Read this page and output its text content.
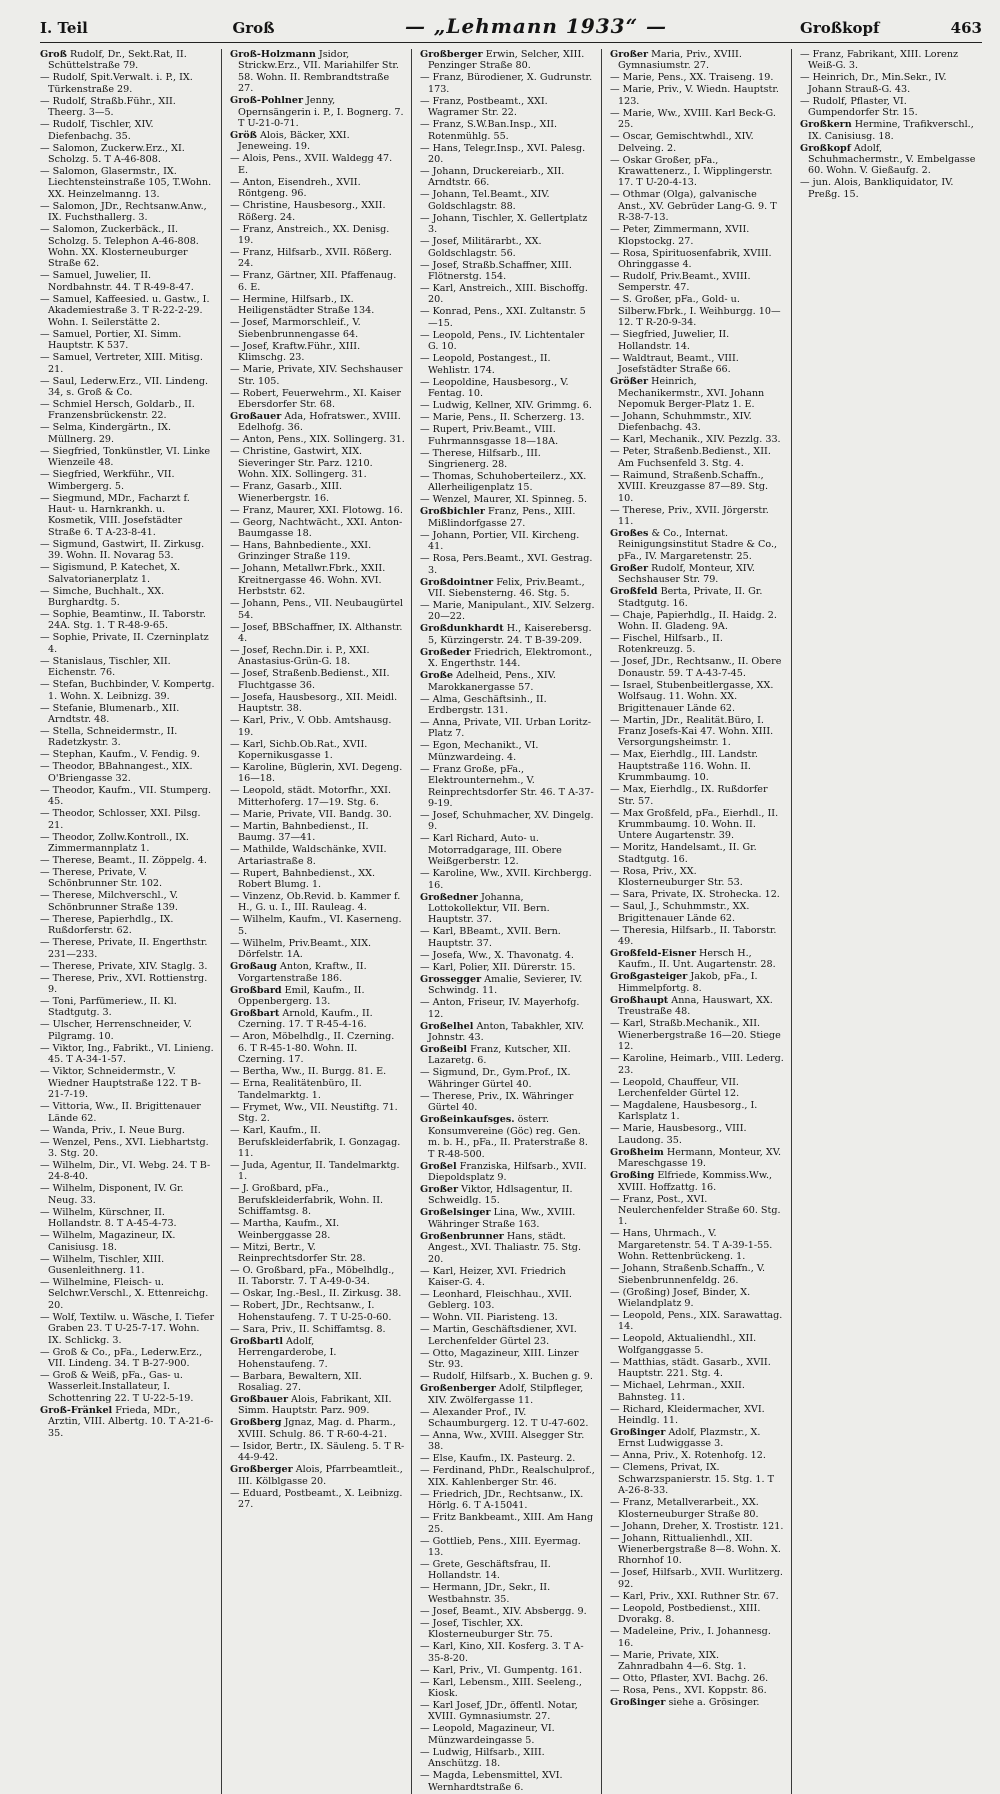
I. Teil	Groß	— „Lehmann 1933“ —	Großkopf	463
Groß Rudolf, Dr., Sekt.Rat, II. Schüttelstraße 79.
— Rudolf, Spit.Verwalt. i. P., IX. Türkenstraße 29.
— Rudolf, Straßb.Führ., XII. Theerg. 3—5.
— Rudolf, Tischler, XIV. Diefenbachg. 35.
— Salomon, Zuckerw.Erz., XI. Scholzg. 5. T A-46-808.
— Salomon, Glasermstr., IX. Liechtensteinstraße 105, T.Wohn. XX. Heinzelmanng. 13.
— Salomon, JDr., Rechtsanw.Anw., IX. Fuchsthallerg. 3.
— Salomon, Zuckerbäck., II. Scholzg. 5. Telephon A-46-808. Wohn. XX. Klosterneuburger Straße 62.
— Samuel, Juwelier, II. Nordbahnstr. 44. T R-49-8-47.
— Samuel, Kaffeesied. u. Gastw., I. Akademiestraße 3. T R-22-2-29. Wohn. I. Seilerstätte 2.
— Samuel, Portier, XI. Simm. Hauptstr. K 537.
— Samuel, Vertreter, XIII. Mitisg. 21.
— Saul, Lederw.Erz., VII. Lindeng. 34, s. Groß & Co.
— Schmiel Hersch, Goldarb., II. Franzensbrückenstr. 22.
— Selma, Kindergärtn., IX. Müllnerg. 29.
— Siegfried, Tonkünstler, VI. Linke Wienzeile 48.
— Siegfried, Werkführ., VII. Wimbergerg. 5.
— Siegmund, MDr., Facharzt f. Haut- u. Harnkrankh. u. Kosmetik, VIII. Josefstädter Straße 6. T A-23-8-41.
— Sigmund, Gastwirt, II. Zirkusg. 39. Wohn. II. Novarag 53.
— Sigismund, P. Katechet, X. Salvatorianerplatz 1.
— Simche, Buchhalt., XX. Burghardtg. 5.
— Sophie, Beamtinw., II. Taborstr. 24A. Stg. 1. T R-48-9-65.
— Sophie, Private, II. Czerninplatz 4.
— Stanislaus, Tischler, XII. Eichenstr. 76.
— Stefan, Buchbinder, V. Kompertg. 1. Wohn. X. Leibnizg. 39.
— Stefanie, Blumenarb., XII. Arndtstr. 48.
— Stella, Schneidermstr., II. Radetzkystr. 3.
— Stephan, Kaufm., V. Fendig. 9.
— Theodor, BBahnangest., XIX. O'Briengasse 32.
— Theodor, Kaufm., VII. Stumperg. 45.
— Theodor, Schlosser, XXI. Pilsg. 21.
— Theodor, Zollw.Kontroll., IX. Zimmermannplatz 1.
— Therese, Beamt., II. Zöppelg. 4.
— Therese, Private, V. Schönbrunner Str. 102.
— Therese, Milchverschl., V. Schönbrunner Straße 139.
— Therese, Papierhdlg., IX. Rußdorferstr. 62.
— Therese, Private, II. Engerthstr. 231—233.
— Therese, Private, XIV. Staglg. 3.
— Therese, Priv., XVI. Rottienstrg. 9.
— Toni, Parfümeriew., II. Kl. Stadtgutg. 3.
— Ulscher, Herrenschneider, V. Pilgramg. 10.
— Viktor, Ing., Fabrikt., VI. Linieng. 45. T A-34-1-57.
— Viktor, Schneidermstr., V. Wiedner Hauptstraße 122. T B-21-7-19.
— Vittoria, Ww., II. Brigittenauer Lände 62.
— Wanda, Priv., I. Neue Burg.
— Wenzel, Pens., XVI. Liebhartstg. 3. Stg. 20.
— Wilhelm, Dir., VI. Webg. 24. T B-24-8-40.
— Wilhelm, Disponent, IV. Gr. Neug. 33.
— Wilhelm, Kürschner, II. Hollandstr. 8. T A-45-4-73.
— Wilhelm, Magazineur, IX. Canisiusg. 18.
— Wilhelm, Tischler, XIII. Gusenleithnerg. 11.
— Wilhelmine, Fleisch- u. Selchwr.Verschl., X. Ettenreichg. 20.
— Wolf, Textilw. u. Wäsche, I. Tiefer Graben 23. T U-25-7-17. Wohn. IX. Schlickg. 3.
— Groß & Co., pFa., Lederw.Erz., VII. Lindeng. 34. T B-27-900.
— Groß & Weiß, pFa., Gas- u. Wasserleit.Installateur, I. Schottenring 22. T U-22-5-19.
Groß-Fränkel Frieda, MDr., Arztin, VIII. Albertg. 10. T A-21-6-35.
Groß-Holzmann Jsidor, Strickw.Erz., VII. Mariahilfer Str. 58. Wohn. II. Rembrandtstraße 27.
Groß-Pohlner Jenny, Opernsängerin i. P., I. Bognerg. 7. T U-21-0-71.
Größ Alois, Bäcker, XXI. Jeneweing. 19.
— Alois, Pens., XVII. Waldegg 47. E.
— Anton, Eisendreh., XVII. Röntgeng. 96.
— Christine, Hausbesorg., XXII. Rößerg. 24.
— Franz, Anstreich., XX. Denisg. 19.
— Franz, Hilfsarb., XVII. Rößerg. 24.
— Franz, Gärtner, XII. Pfaffenaug. 6. E.
— Hermine, Hilfsarb., IX. Heiligenstädter Straße 134.
— Josef, Marmorschleif., V. Siebenbrunnengasse 64.
— Josef, Kraftw.Führ., XIII. Klimschg. 23.
— Marie, Private, XIV. Sechshauser Str. 105.
— Robert, Feuerwehrm., XI. Kaiser Ebersdorfer Str. 68.
Großauer Ada, Hofratswer., XVIII. Edelhofg. 36.
— Anton, Pens., XIX. Sollingerg. 31.
— Christine, Gastwirt, XIX. Sieveringer Str. Parz. 1210. Wohn. XIX. Sollingerg. 31.
— Franz, Gasarb., XIII. Wienerbergstr. 16.
— Franz, Maurer, XXI. Flotowg. 16.
— Georg, Nachtwächt., XXI. Anton-Baumgasse 18.
— Hans, Bahnbediente., XXI. Grinzinger Straße 119.
— Johann, Metallwr.Fbrk., XXII. Kreitnergasse 46. Wohn. XVI. Herbststr. 62.
— Johann, Pens., VII. Neubaugürtel 54.
— Josef, BBSchaffner, IX. Althanstr. 4.
— Josef, Rechn.Dir. i. P., XXI. Anastasius-Grün-G. 18.
— Josef, Straßenb.Bedienst., XII. Fluchtgasse 36.
— Josefa, Hausbesorg., XII. Meidl. Hauptstr. 38.
— Karl, Priv., V. Obb. Amtshausg. 19.
— Karl, Sichb.Ob.Rat., XVII. Kopernikusgasse 1.
— Karoline, Büglerin, XVI. Degeng. 16—18.
— Leopold, städt. Motorfhr., XXI. Mitterhoferg. 17—19. Stg. 6.
— Marie, Private, VII. Bandg. 30.
— Martin, Bahnbedienst., II. Baumg. 37—41.
— Mathilde, Waldschänke, XVII. Artariastraße 8.
— Rupert, Bahnbedienst., XX. Robert Blumg. 1.
— Vinzenz, Ob.Revid. b. Kammer f. H., G. u. I., III. Rauleag. 4.
— Wilhelm, Kaufm., VI. Kaserneng. 5.
— Wilhelm, Priv.Beamt., XIX. Dörfelstr. 1A.
Großaug Anton, Kraftw., II. Vorgartenstraße 186.
Großbard Emil, Kaufm., II. Oppenbergerg. 13.
Großbart Arnold, Kaufm., II. Czerning. 17. T R-45-4-16.
— Aron, Möbelhdlg., II. Czerning. 6. T R-45-1-80. Wohn. II. Czerning. 17.
— Bertha, Ww., II. Burgg. 81. E.
— Erna, Realitätenbüro, II. Tandelmarktg. 1.
— Frymet, Ww., VII. Neustiftg. 71. Stg. 2.
— Karl, Kaufm., II. Berufskleiderfabrik, I. Gonzagag. 11.
— Juda, Agentur, II. Tandelmarktg. 1.
— J. Großbard, pFa., Berufskleiderfabrik, Wohn. II. Schiffamtsg. 8.
— Martha, Kaufm., XI. Weinberggasse 28.
— Mitzi, Bertr., V. Reinprechtsdorfer Str. 28.
— O. Großbard, pFa., Möbelhdlg., II. Taborstr. 7. T A-49-0-34.
— Oskar, Ing.-Besl., II. Zirkusg. 38.
— Robert, JDr., Rechtsanw., I. Hohenstaufeng. 7. T U-25-0-60.
— Sara, Priv., II. Schiffamtsg. 8.
Großbartl Adolf, Herrengarderobe, I. Hohenstaufeng. 7.
— Barbara, Bewaltern, XII. Rosaliag. 27.
Großbauer Alois, Fabrikant, XII. Simm. Hauptstr. Parz. 909.
Großberg Jgnaz, Mag. d. Pharm., XVIII. Schulg. 86. T R-60-4-21.
— Isidor, Bertr., IX. Säuleng. 5. T R-44-9-42.
Großberger Alois, Pfarrbeamtleit., III. Kölblgasse 20.
— Eduard, Postbeamt., X. Leibnizg. 27.
Großberger Erwin, Selcher, XIII. Penzinger Straße 80.
— Franz, Bürodiener, X. Gudrunstr. 173.
— Franz, Postbeamt., XXI. Wagramer Str. 22.
— Franz, S.W.Ban.Insp., XII. Rotenmühlg. 55.
— Hans, Telegr.Insp., XVI. Palesg. 20.
— Johann, Druckereiarb., XII. Arndtstr. 66.
— Johann, Tel.Beamt., XIV. Goldschlagstr. 88.
— Johann, Tischler, X. Gellertplatz 3.
— Josef, Militärarbt., XX. Goldschlagstr. 56.
— Josef, Straßb.Schaffner, XIII. Flötnerstg. 154.
— Karl, Anstreich., XIII. Bischoffg. 20.
— Konrad, Pens., XXI. Zultanstr. 5—15.
— Leopold, Pens., IV. Lichtentaler G. 10.
— Leopold, Postangest., II. Wehlistr. 174.
— Leopoldine, Hausbesorg., V. Fentag. 10.
— Ludwig, Kellner, XIV. Grimmg. 6.
— Marie, Pens., II. Scherzerg. 13.
— Rupert, Priv.Beamt., VIII. Fuhrmannsgasse 18—18A.
— Therese, Hilfsarb., III. Singrienerg. 28.
— Thomas, Schuhoberteilerz., XX. Allerheiligenplatz 15.
— Wenzel, Maurer, XI. Spinneg. 5.
Großbichler Franz, Pens., XIII. Mißlindorfgasse 27.
— Johann, Portier, VII. Kircheng. 41.
— Rosa, Pers.Beamt., XVI. Gestrag. 3.
Großdointner Felix, Priv.Beamt., VII. Siebensterng. 46. Stg. 5.
— Marie, Manipulant., XIV. Selzerg. 20—22.
Großdunkhardt H., Kaiserebersg. 5, Kürzingerstr. 24. T B-39-209.
Großeder Friedrich, Elektromont., X. Engerthstr. 144.
Große Adelheid, Pens., XIV. Marokkanergasse 57.
— Alma, Geschäftsinh., II. Erdbergstr. 131.
— Anna, Private, VII. Urban Loritz-Platz 7.
— Egon, Mechanikt., VI. Münzwardeing. 4.
— Franz Große, pFa., Elektrounternehm., V. Reinprechtsdorfer Str. 46. T A-37-9-19.
— Josef, Schuhmacher, XV. Dingelg. 9.
— Karl Richard, Auto- u. Motorradgarage, III. Obere Weißgerberstr. 12.
— Karoline, Ww., XVII. Kirchbergg. 16.
Großedner Johanna, Lottokollektur, VII. Bern. Hauptstr. 37.
— Karl, BBeamt., XVII. Bern. Hauptstr. 37.
— Josefa, Ww., X. Thavonatg. 4.
— Karl, Polier, XII. Dürerstr. 15.
Grossegger Amalie, Sevierer, IV. Schwindg. 11.
— Anton, Friseur, IV. Mayerhofg. 12.
Großelhel Anton, Tabakhler, XIV. Johnstr. 43.
Großeibl Franz, Kutscher, XII. Lazaretg. 6.
— Sigmund, Dr., Gym.Prof., IX. Währinger Gürtel 40.
— Therese, Priv., IX. Währinger Gürtel 40.
Großeinkaufsges. österr. Konsumvereine (Göc) reg. Gen. m. b. H., pFa., II. Praterstraße 8. T R-48-500.
Großel Franziska, Hilfsarb., XVII. Diepoldsplatz 9.
Großer Viktor, Hdlsagentur, II. Schweidlg. 15.
Großelsinger Lina, Ww., XVIII. Währinger Straße 163.
Großenbrunner Hans, städt. Angest., XVI. Thaliastr. 75. Stg. 20.
— Karl, Heizer, XVI. Friedrich Kaiser-G. 4.
— Leonhard, Fleischhau., XVII. Geblerg. 103.
— Wohn. VII. Piaristeng. 13.
— Martin, Geschäftsdiener, XVI. Lerchenfelder Gürtel 23.
— Otto, Magazineur, XIII. Linzer Str. 93.
— Rudolf, Hilfsarb., X. Buchen g. 9.
Großenberger Adolf, Stilpfleger, XIV. Zwölfergasse 11.
— Alexander Prof., IV. Schaumburgerg. 12. T U-47-602.
— Anna, Ww., XVIII. Alsegger Str. 38.
— Else, Kaufm., IX. Pasteurg. 2.
— Ferdinand, PhDr., Realschulprof., XIX. Kahlenberger Str. 46.
— Friedrich, JDr., Rechtsanw., IX. Hörlg. 6. T A-15041.
— Fritz Bankbeamt., XIII. Am Hang 25.
— Gottlieb, Pens., XIII. Eyermag. 13.
— Grete, Geschäftsfrau, II. Hollandstr. 14.
— Hermann, JDr., Sekr., II. Westbahnstr. 35.
— Josef, Beamt., XIV. Absbergg. 9.
— Josef, Tischler, XX. Klosterneuburger Str. 75.
— Karl, Kino, XII. Kosferg. 3. T A-35-8-20.
— Karl, Priv., VI. Gumpentg. 161.
— Karl, Lebensm., XIII. Seeleng., Kiosk.
— Karl Josef, JDr., öffentl. Notar, XVIII. Gymnasiumstr. 27.
— Leopold, Magazineur, VI. Münzwardeingasse 5.
— Ludwig, Hilfsarb., XIII. Anschützg. 18.
— Magda, Lebensmittel, XVI. Wernhardtstraße 6.
Großer Maria, Priv., XVIII. Gymnasiumstr. 27.
— Marie, Pens., XX. Traiseng. 19.
— Marie, Priv., V. Wiedn. Hauptstr. 123.
— Marie, Ww., XVIII. Karl Beck-G. 25.
— Oscar, Gemischtwhdl., XIV. Delveing. 2.
— Oskar Großer, pFa., Krawattenerz., I. Wipplingerstr. 17. T U-20-4-13.
— Othmar (Olga), galvanische Anst., XV. Gebrüder Lang-G. 9. T R-38-7-13.
— Peter, Zimmermann, XVII. Klopstockg. 27.
— Rosa, Spirituosenfabrik, XVIII. Ohringgasse 4.
— Rudolf, Priv.Beamt., XVIII. Semperstr. 47.
— S. Großer, pFa., Gold- u. Silberw.Fbrk., I. Weihburgg. 10—12. T R-20-9-34.
— Siegfried, Juwelier, II. Hollandstr. 14.
— Waldtraut, Beamt., VIII. Josefstädter Straße 66.
Größer Heinrich, Mechanikermstr., XVI. Johann Nepomuk Berger-Platz 1. E.
— Johann, Schuhmmstr., XIV. Diefenbachg. 43.
— Karl, Mechanik., XIV. Pezzlg. 33.
— Peter, Straßenb.Bedienst., XII. Am Fuchsenfeld 3. Stg. 4.
— Raimund, Straßenb.Schaffn., XVIII. Kreuzgasse 87—89. Stg. 10.
— Therese, Priv., XVII. Jörgerstr. 11.
Großes & Co., Internat. Reinigungsinstitut Stadre & Co., pFa., IV. Margaretenstr. 25.
Großer Rudolf, Monteur, XIV. Sechshauser Str. 79.
Großfeld Berta, Private, II. Gr. Stadtgutg. 16.
— Chaje, Papierhdlg., II. Haidg. 2. Wohn. II. Gladeng. 9A.
— Fischel, Hilfsarb., II. Rotenkreuzg. 5.
— Josef, JDr., Rechtsanw., II. Obere Donaustr. 59. T A-43-7-45.
— Israel, Stubenbeitlergasse, XX. Wolfsaug. 11. Wohn. XX. Brigittenauer Lände 62.
— Martin, JDr., Realität.Büro, I. Franz Josefs-Kai 47. Wohn. XIII. Versorgungsheimstr. 1.
— Max, Eierhdlg., III. Landstr. Hauptstraße 116. Wohn. II. Krummbaumg. 10.
— Max, Eierhdlg., IX. Rußdorfer Str. 57.
— Max Großfeld, pFa., Eierhdl., II. Krummbaumg. 10. Wohn. II. Untere Augartenstr. 39.
— Moritz, Handelsamt., II. Gr. Stadtgutg. 16.
— Rosa, Priv., XX. Klosterneuburger Str. 53.
— Sara, Private, IX. Strohecka. 12.
— Saul, J., Schuhmmstr., XX. Brigittenauer Lände 62.
— Theresia, Hilfsarb., II. Taborstr. 49.
Großfeld-Eisner Hersch H., Kaufm., II. Unt. Augartenstr. 28.
Großgasteiger Jakob, pFa., I. Himmelpfortg. 8.
Großhaupt Anna, Hauswart, XX. Treustraße 48.
— Karl, Straßb.Mechanik., XII. Wienerbergstraße 16—20. Stiege 12.
— Karoline, Heimarb., VIII. Lederg. 23.
— Leopold, Chauffeur, VII. Lerchenfelder Gürtel 12.
— Magdalene, Hausbesorg., I. Karlsplatz 1.
— Marie, Hausbesorg., VIII. Laudong. 35.
Großheim Hermann, Monteur, XV. Mareschgasse 19.
Großing Elfriede, Kommiss.Ww., XVIII. Hoffzattg. 16.
— Franz, Post., XVI. Neulerchenfelder Straße 60. Stg. 1.
— Hans, Uhrmach., V. Margaretenstr. 54. T A-39-1-55. Wohn. Rettenbrückeng. 1.
— Johann, Straßenb.Schaffn., V. Siebenbrunnenfeldg. 26.
— (Großing) Josef, Binder, X. Wielandplatz 9.
— Leopold, Pens., XIX. Sarawattag. 14.
— Leopold, Aktualiendhl., XII. Wolfganggasse 5.
— Matthias, städt. Gasarb., XVII. Hauptstr. 221. Stg. 4.
— Michael, Lehrman., XXII. Bahnsteg. 11.
— Richard, Kleidermacher, XVI. Heindlg. 11.
Großinger Adolf, Plazmstr., X. Ernst Ludwiggasse 3.
— Anna, Priv., X. Rotenhofg. 12.
— Clemens, Privat, IX. Schwarzspanierstr. 15. Stg. 1. T A-26-8-33.
— Franz, Metallverarbeit., XX. Klosterneuburger Straße 80.
— Johann, Dreher, X. Trostistr. 121.
— Johann, Rittualienhdl., XII. Wienerbergstraße 8—8. Wohn. X. Rhornhof 10.
— Josef, Hilfsarb., XVII. Wurlitzerg. 92.
— Karl, Priv., XXI. Ruthner Str. 67.
— Leopold, Postbedienst., XIII. Dvorakg. 8.
— Madeleine, Priv., I. Johannesg. 16.
— Marie, Private, XIX. Zahnradbahn 4—6. Stg. 1.
— Otto, Pflaster, XVI. Bachg. 26.
— Rosa, Pens., XVI. Koppstr. 86.
Großinger siehe a. Grösinger.
— Franz, Fabrikant, XIII. Lorenz Weiß-G. 3.
— Heinrich, Dr., Min.Sekr., IV. Johann Strauß-G. 43.
— Rudolf, Pflaster, VI. Gumpendorfer Str. 15.
Großkern Hermine, Trafikverschl., IX. Canisiusg. 18.
Großkopf Adolf, Schuhmachermstr., V. Embelgasse 60. Wohn. V. Gießaufg. 2.
— jun. Alois, Bankliquidator, IV. Preßg. 15.
